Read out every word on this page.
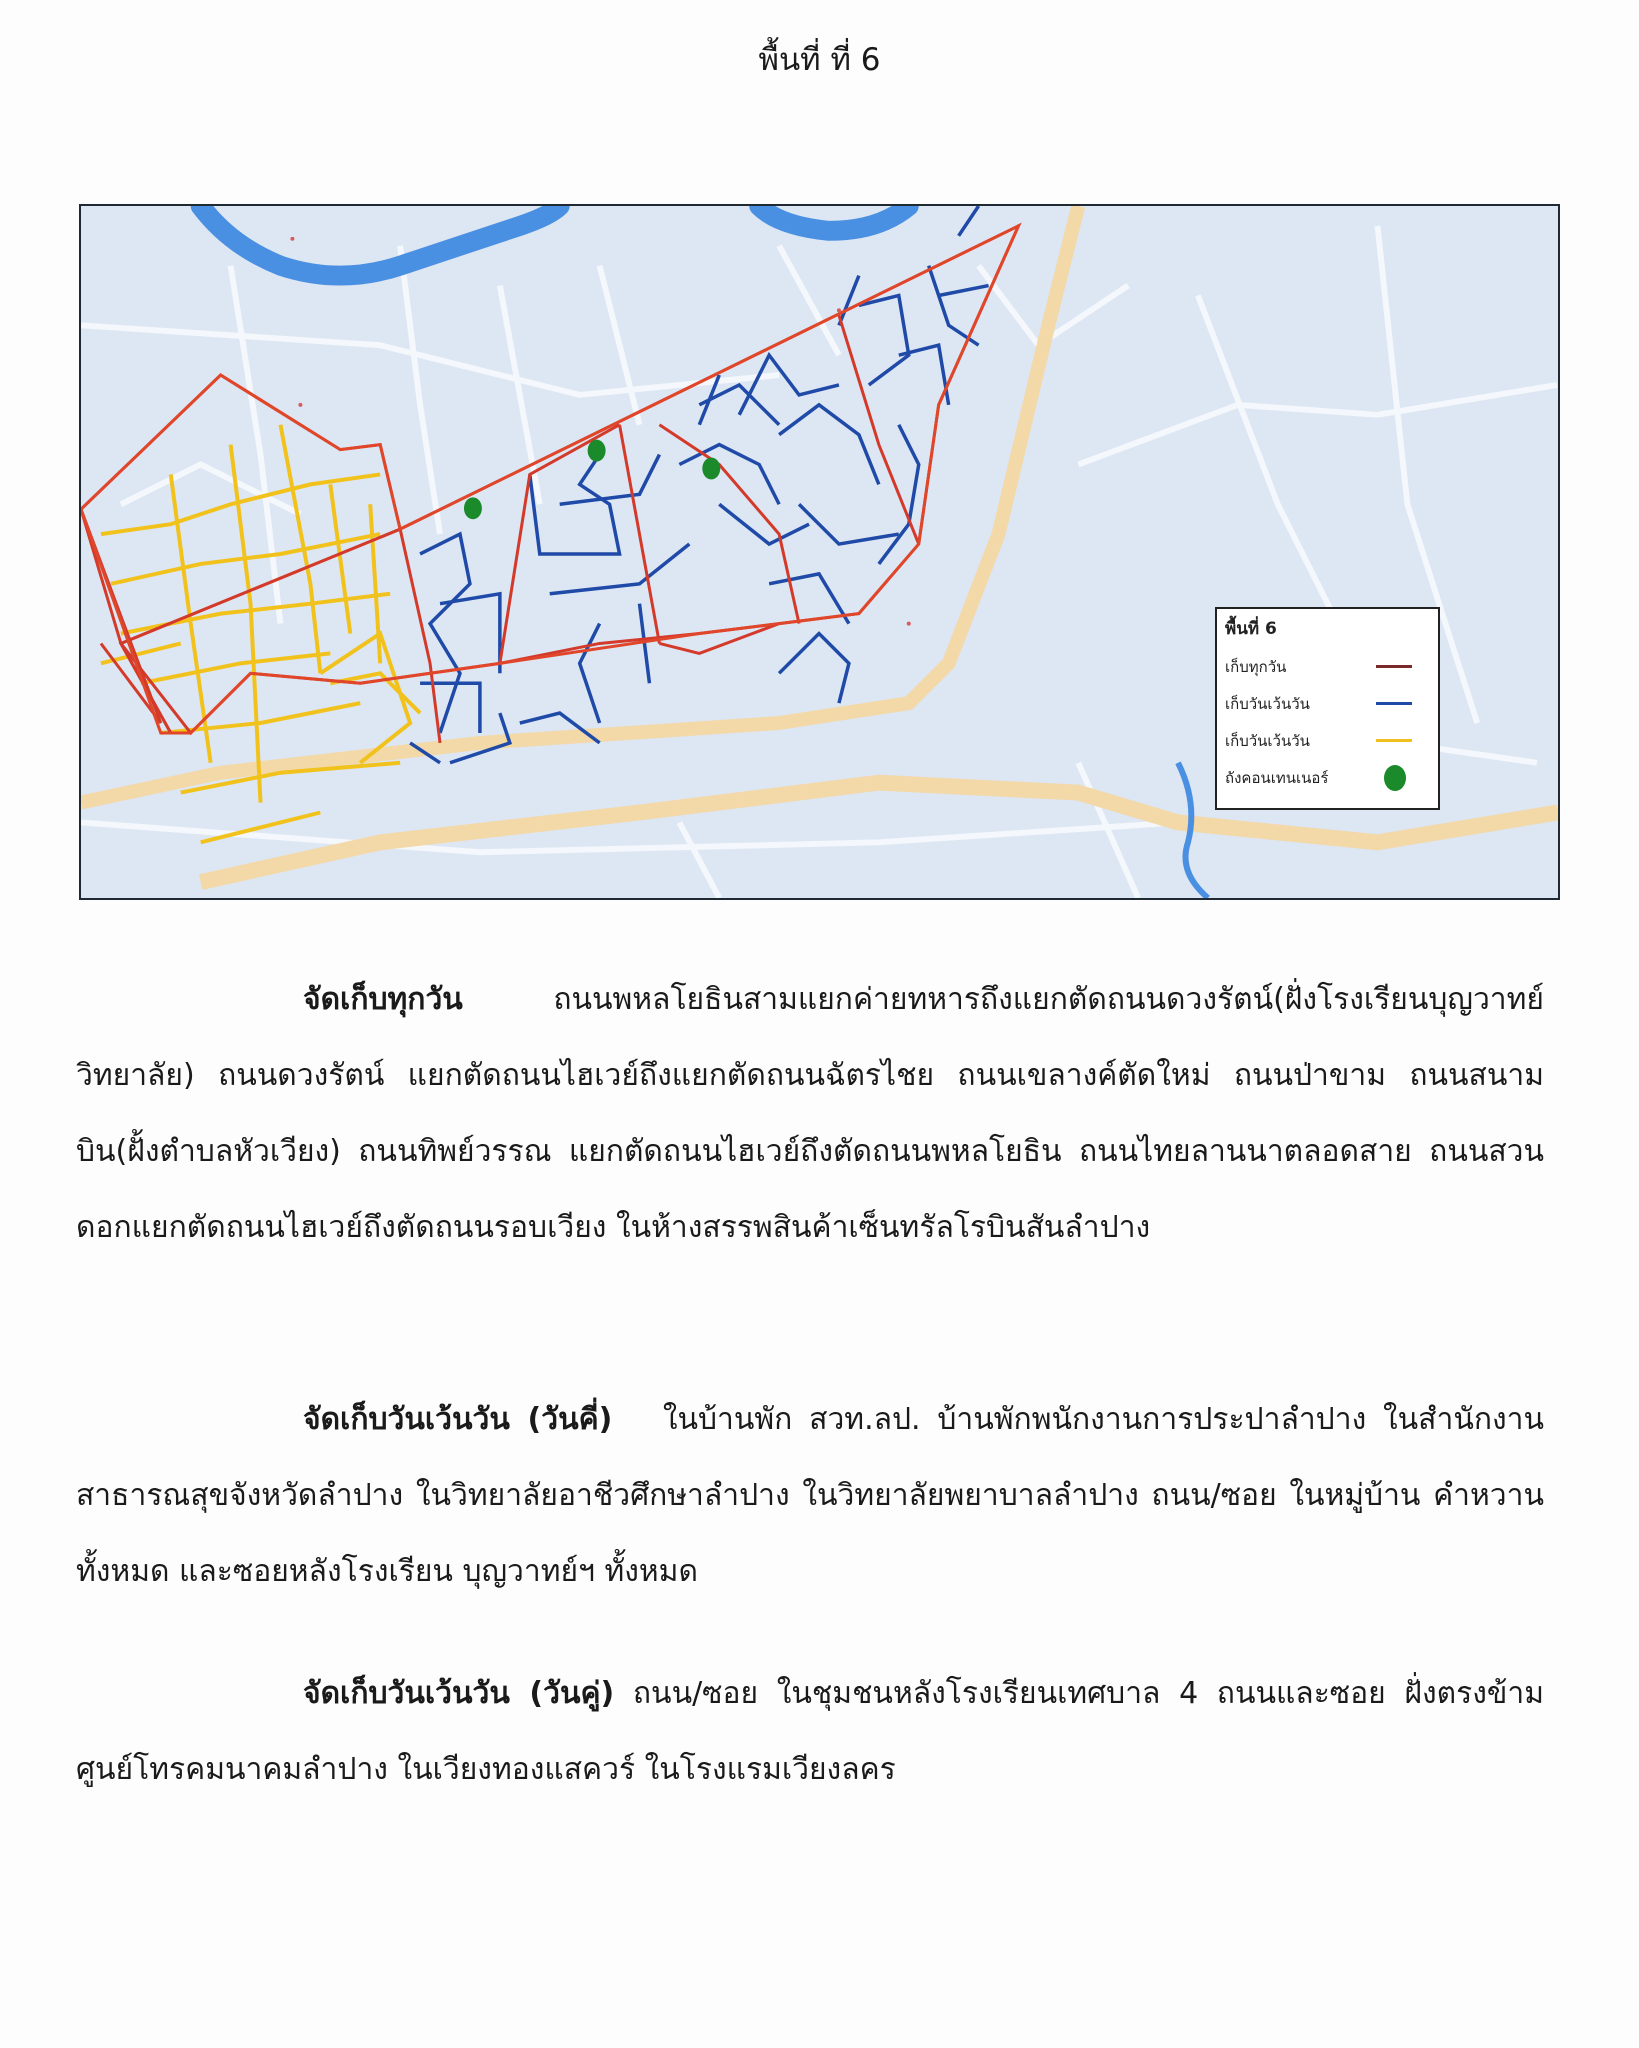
พื้นที่ ที่ 6
พื้นที่ 6
เก็บทุกวัน
เก็บวันเว้นวัน
เก็บวันเว้นวัน
ถังคอนเทนเนอร์
จัดเก็บทุกวัน	ถนนพหลโยธินสามแยกค่ายทหารถึงแยกตัดถนนดวงรัตน์(ฝั่งโรงเรียนบุญวาทย์วิทยาลัย) ถนนดวงรัตน์ แยกตัดถนนไฮเวย์ถึงแยกตัดถนนฉัตรไชย ถนนเขลางค์ตัดใหม่ ถนนป่าขาม ถนนสนามบิน(ฝั้งตำบลหัวเวียง) ถนนทิพย์วรรณ แยกตัดถนนไฮเวย์ถึงตัดถนนพหลโยธิน ถนนไทยลานนาตลอดสาย ถนนสวนดอกแยกตัดถนนไฮเวย์ถึงตัดถนนรอบเวียง ในห้างสรรพสินค้าเซ็นทรัลโรบินสันลำปาง
จัดเก็บวันเว้นวัน (วันคี่) ในบ้านพัก สวท.ลป. บ้านพักพนักงานการประปาลำปาง ในสำนักงานสาธารณสุขจังหวัดลำปาง ในวิทยาลัยอาชีวศึกษาลำปาง ในวิทยาลัยพยาบาลลำปาง ถนน/ซอย ในหมู่บ้าน คำหวานทั้งหมด และซอยหลังโรงเรียน บุญวาทย์ฯ ทั้งหมด
จัดเก็บวันเว้นวัน (วันคู่) ถนน/ซอย ในชุมชนหลังโรงเรียนเทศบาล 4 ถนนและซอย ฝั่งตรงข้ามศูนย์โทรคมนาคมลำปาง ในเวียงทองแสควร์ ในโรงแรมเวียงลคร
